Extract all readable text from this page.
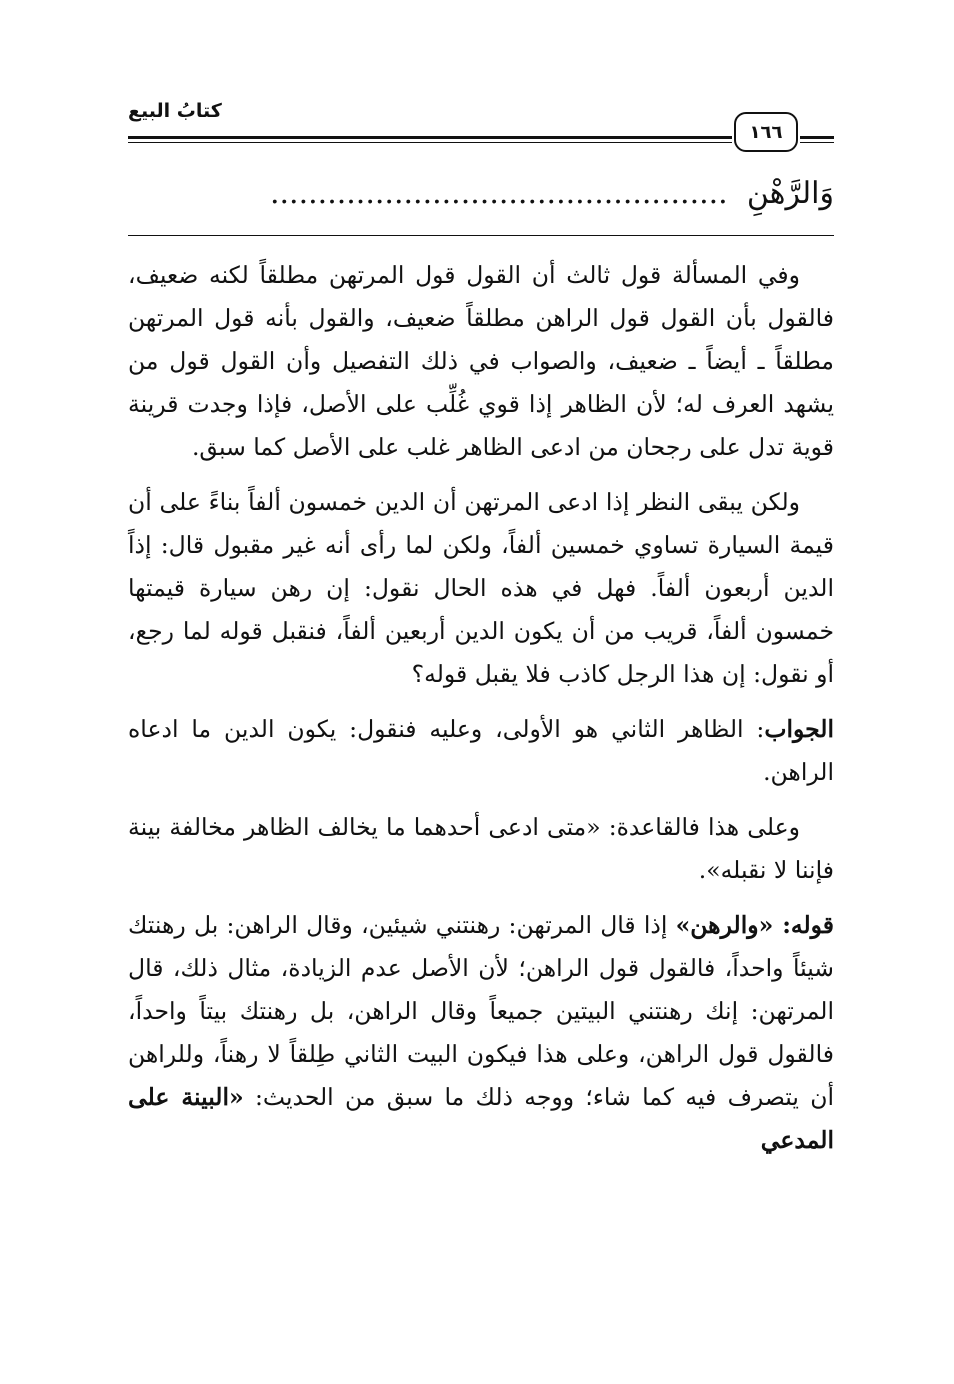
كتابُ البيع
١٦٦
وَالرَّهْنِ ................................................

وفي المسألة قول ثالث أن القول قول المرتهن مطلقاً لكنه ضعيف، فالقول بأن القول قول الراهن مطلقاً ضعيف، والقول بأنه قول المرتهن مطلقاً ـ أيضاً ـ ضعيف، والصواب في ذلك التفصيل وأن القول قول من يشهد العرف له؛ لأن الظاهر إذا قوي غُلِّب على الأصل، فإذا وجدت قرينة قوية تدل على رجحان من ادعى الظاهر غلب على الأصل كما سبق.

ولكن يبقى النظر إذا ادعى المرتهن أن الدين خمسون ألفاً بناءً على أن قيمة السيارة تساوي خمسين ألفاً، ولكن لما رأى أنه غير مقبول قال: إذاً الدين أربعون ألفاً. فهل في هذه الحال نقول: إن رهن سيارة قيمتها خمسون ألفاً، قريب من أن يكون الدين أربعين ألفاً، فنقبل قوله لما رجع، أو نقول: إن هذا الرجل كاذب فلا يقبل قوله؟

الجواب: الظاهر الثاني هو الأولى، وعليه فنقول: يكون الدين ما ادعاه الراهن.

وعلى هذا فالقاعدة: «متى ادعى أحدهما ما يخالف الظاهر مخالفة بينة فإننا لا نقبله».

قوله: «والرهن» إذا قال المرتهن: رهنتني شيئين، وقال الراهن: بل رهنتك شيئاً واحداً، فالقول قول الراهن؛ لأن الأصل عدم الزيادة، مثال ذلك، قال المرتهن: إنك رهنتني البيتين جميعاً وقال الراهن، بل رهنتك بيتاً واحداً، فالقول قول الراهن، وعلى هذا فيكون البيت الثاني طِلقاً لا رهناً، وللراهن أن يتصرف فيه كما شاء؛ ووجه ذلك ما سبق من الحديث: «البينة على المدعي
